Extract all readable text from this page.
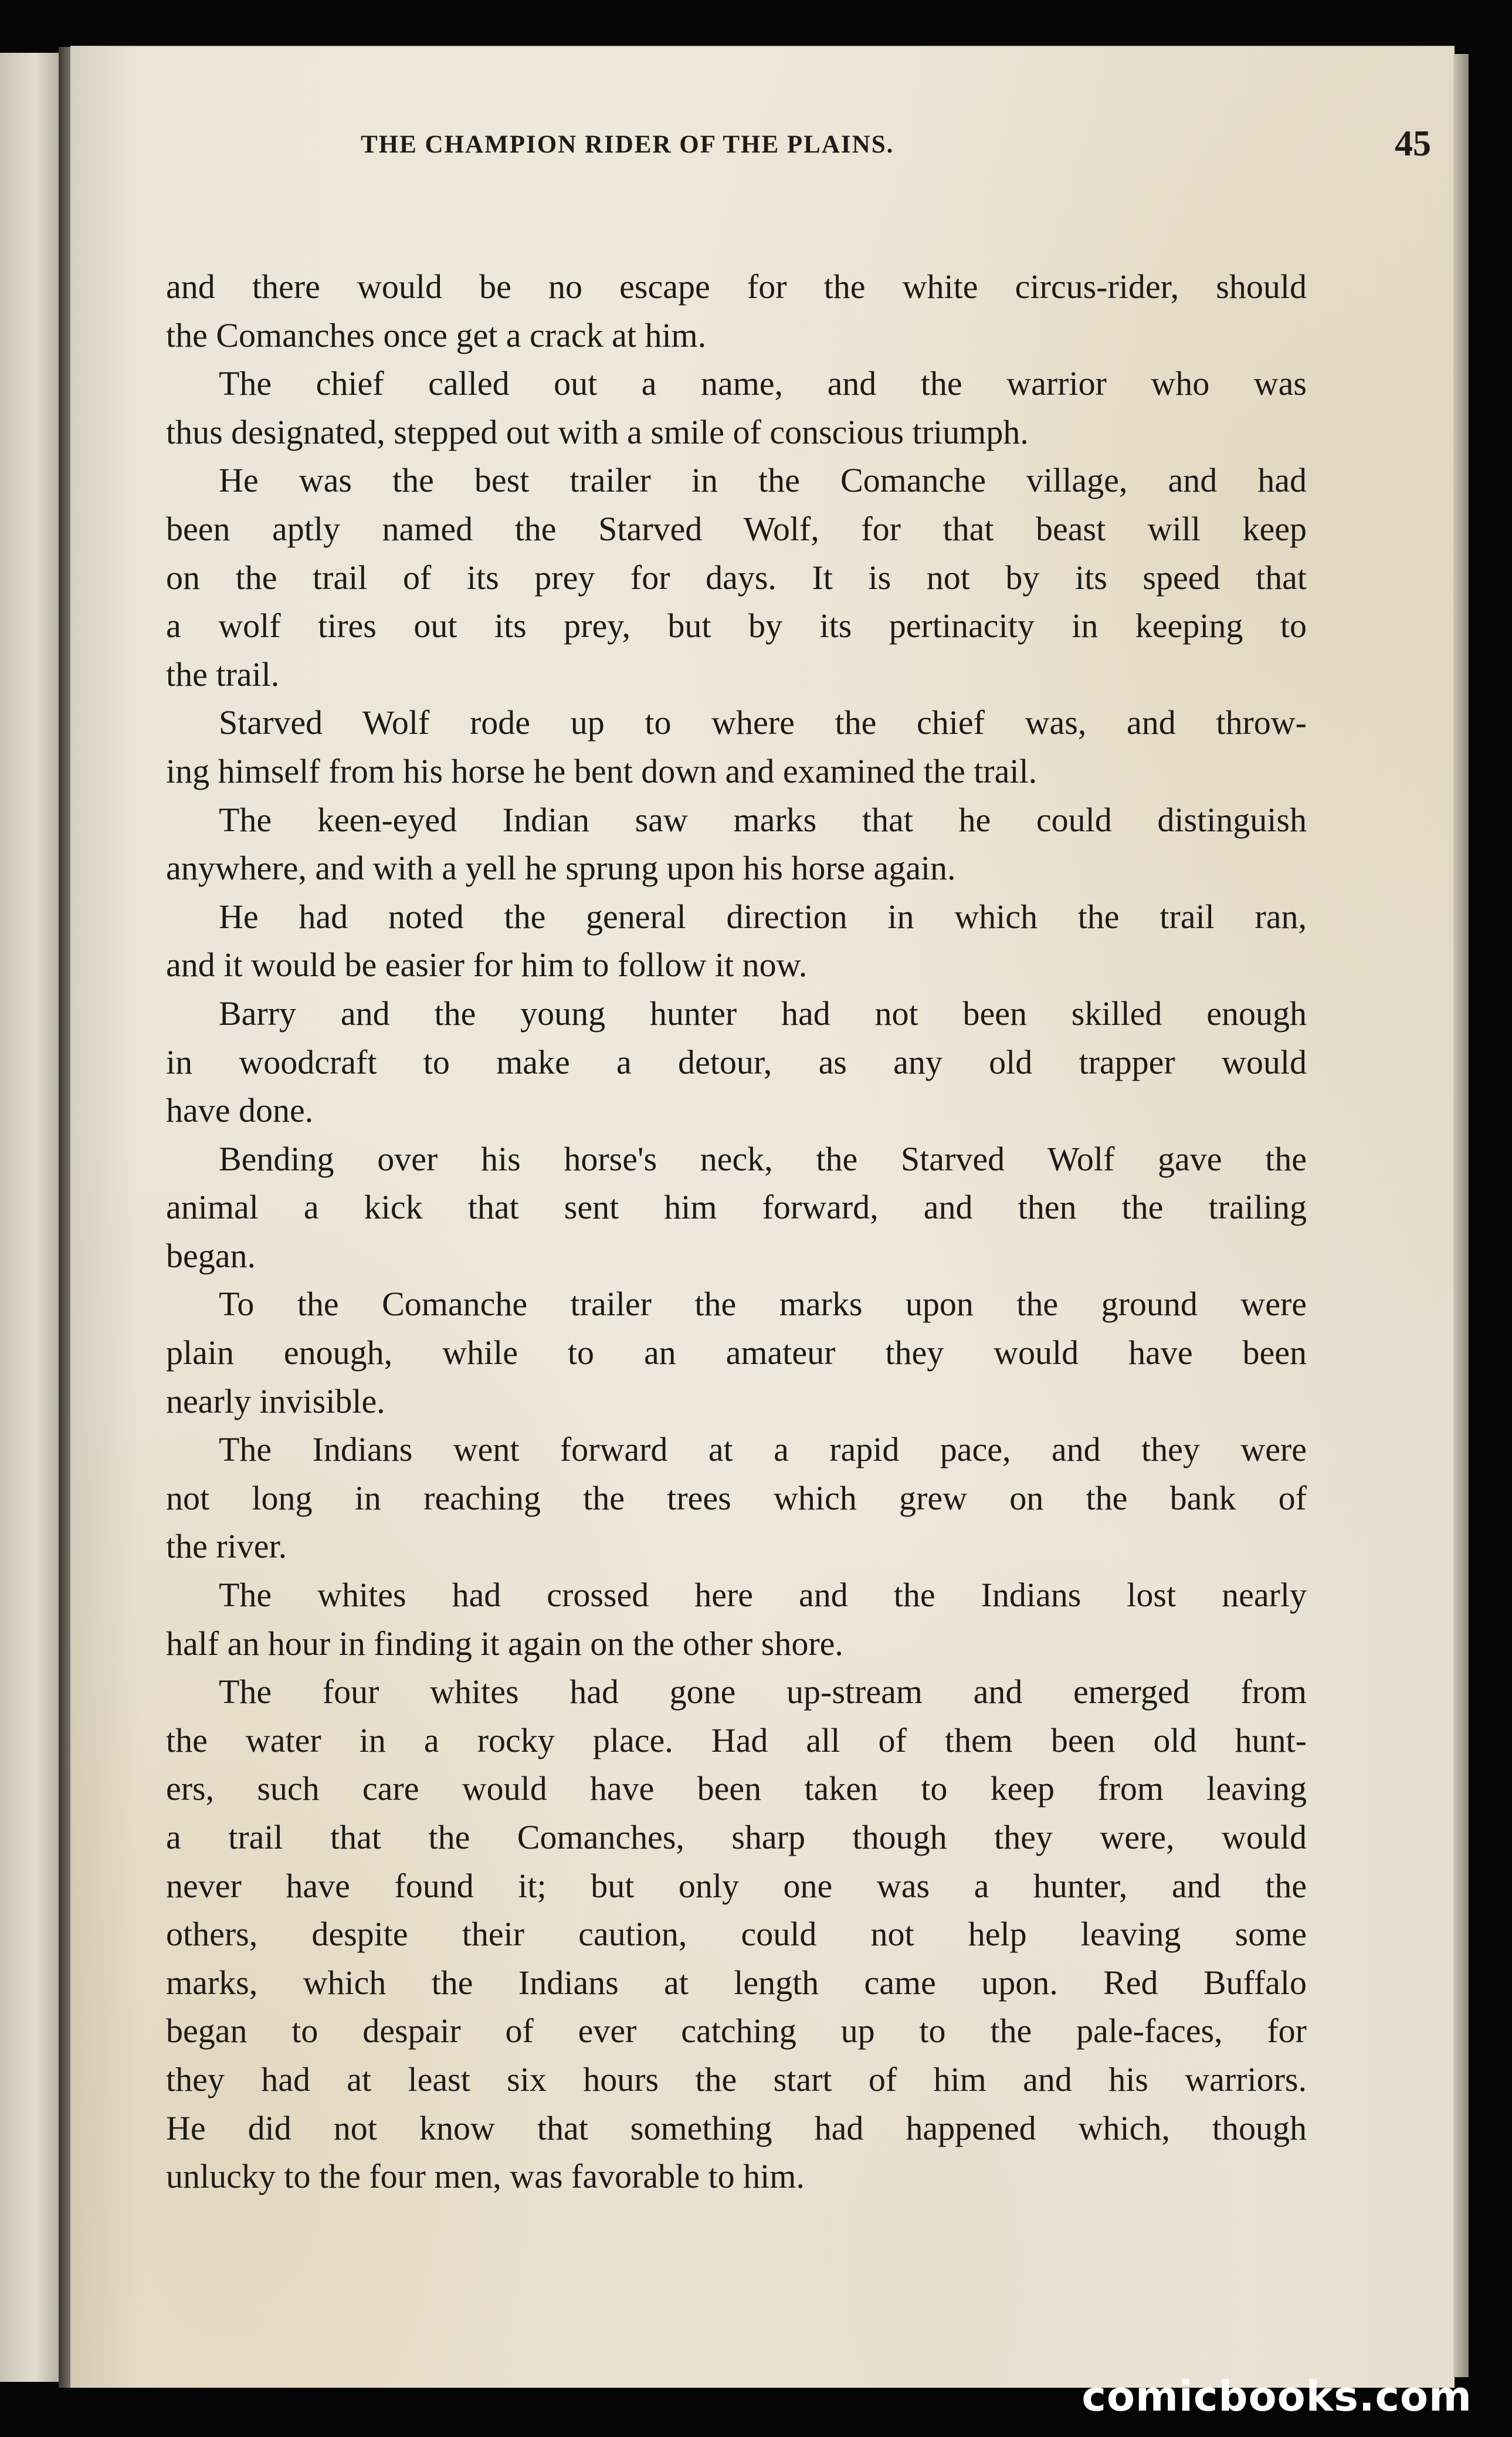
THE CHAMPION RIDER OF THE PLAINS.	45
and there would be no escape for the white circus-rider, should
the Comanches once get a crack at him.
The chief called out a name, and the warrior who was
thus designated, stepped out with a smile of conscious triumph.
He was the best trailer in the Comanche village, and had
been aptly named the Starved Wolf, for that beast will keep
on the trail of its prey for days. It is not by its speed that
a wolf tires out its prey, but by its pertinacity in keeping to
the trail.
Starved Wolf rode up to where the chief was, and throw-
ing himself from his horse he bent down and examined the trail.
The keen-eyed Indian saw marks that he could distinguish
anywhere, and with a yell he sprung upon his horse again.
He had noted the general direction in which the trail ran,
and it would be easier for him to follow it now.
Barry and the young hunter had not been skilled enough
in woodcraft to make a detour, as any old trapper would
have done.
Bending over his horse's neck, the Starved Wolf gave the
animal a kick that sent him forward, and then the trailing
began.
To the Comanche trailer the marks upon the ground were
plain enough, while to an amateur they would have been
nearly invisible.
The Indians went forward at a rapid pace, and they were
not long in reaching the trees which grew on the bank of
the river.
The whites had crossed here and the Indians lost nearly
half an hour in finding it again on the other shore.
The four whites had gone up-stream and emerged from
the water in a rocky place. Had all of them been old hunt-
ers, such care would have been taken to keep from leaving
a trail that the Comanches, sharp though they were, would
never have found it; but only one was a hunter, and the
others, despite their caution, could not help leaving some
marks, which the Indians at length came upon. Red Buffalo
began to despair of ever catching up to the pale-faces, for
they had at least six hours the start of him and his warriors.
He did not know that something had happened which, though
unlucky to the four men, was favorable to him.
comicbooks.com
